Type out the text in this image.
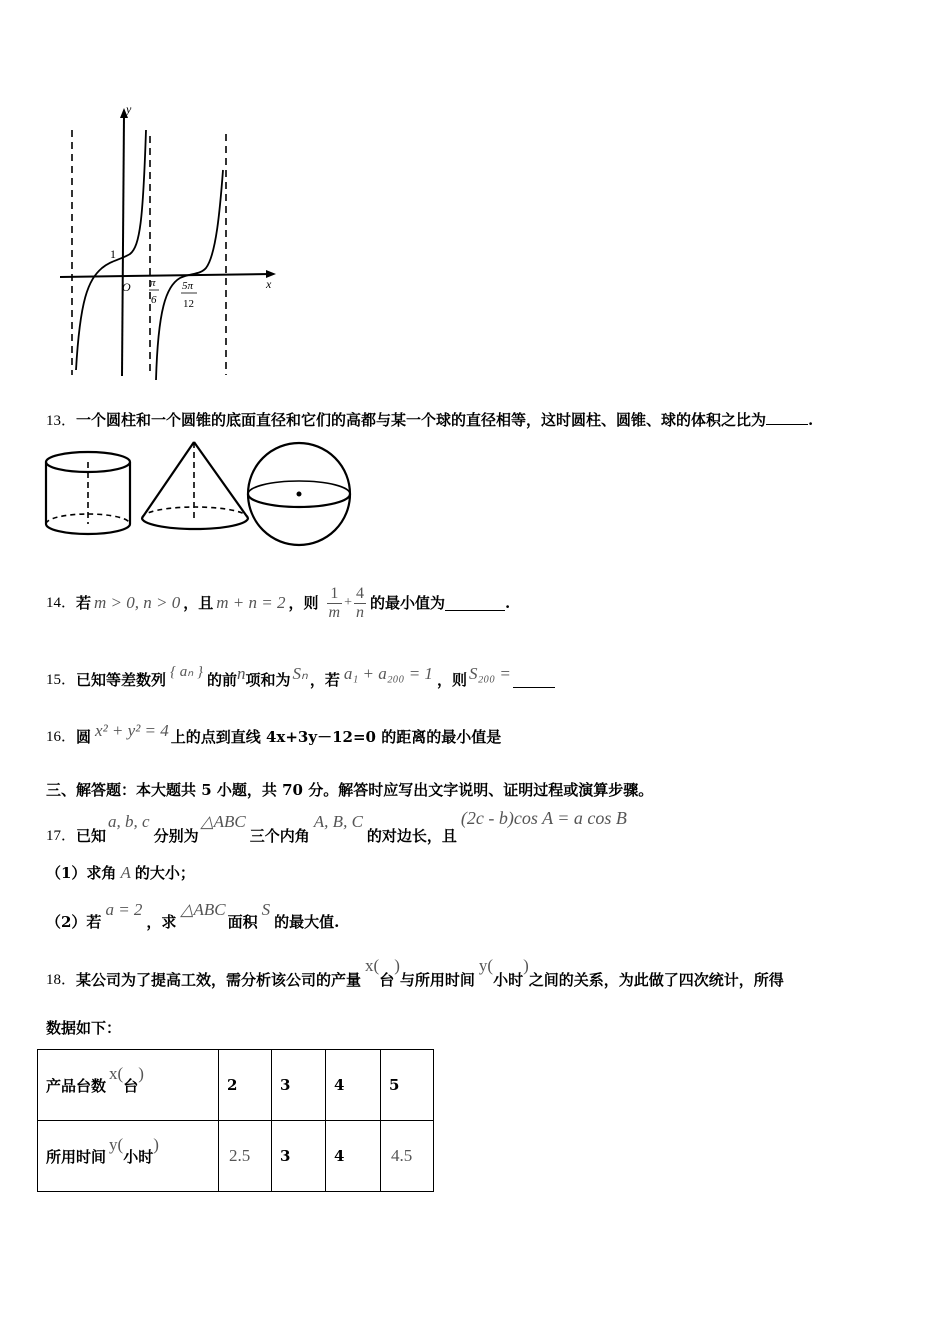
y
x
O
1
π
6
5π
12
13．一个圆柱和一个圆锥的底面直径和它们的高都与某一个球的直径相等，这时圆柱、圆锥、球的体积之比为	.
14． 若 m > 0, n > 0 ，且 m + n = 2 ，则 $\frac{1}{m} + \frac{4}{n}$ 的最小值为	.
15． 已知等差数列 { aₙ } 的前 n 项和为 Sₙ ，若 a₁ + a₂₀₀ = 1 ，则 S₂₀₀ =
16． 圆 x² + y² = 4 上的点到直线 4x+3y－12=0 的距离的最小值是
三、解答题：本大题共 5 小题，共 70 分。解答时应写出文字说明、证明过程或演算步骤。
17． 已知
a, b, c
分别为
△ABC
三个内角
A, B, C
的对边长，且
(2c - b)cos A = a cos B
（1）求角 A 的大小；
（2）若
a = 2
，求
△ABC
面积
S
的最大值.
18． 某公司为了提高工效，需分析该公司的产量
x(
台
)
与所用时间
y(
小时
)
之间的关系，为此做了四次统计，所得
数据如下：
产品台数x(台)	2	3	4	5
所用时间y(小时)	2.5	3	4	4.5
